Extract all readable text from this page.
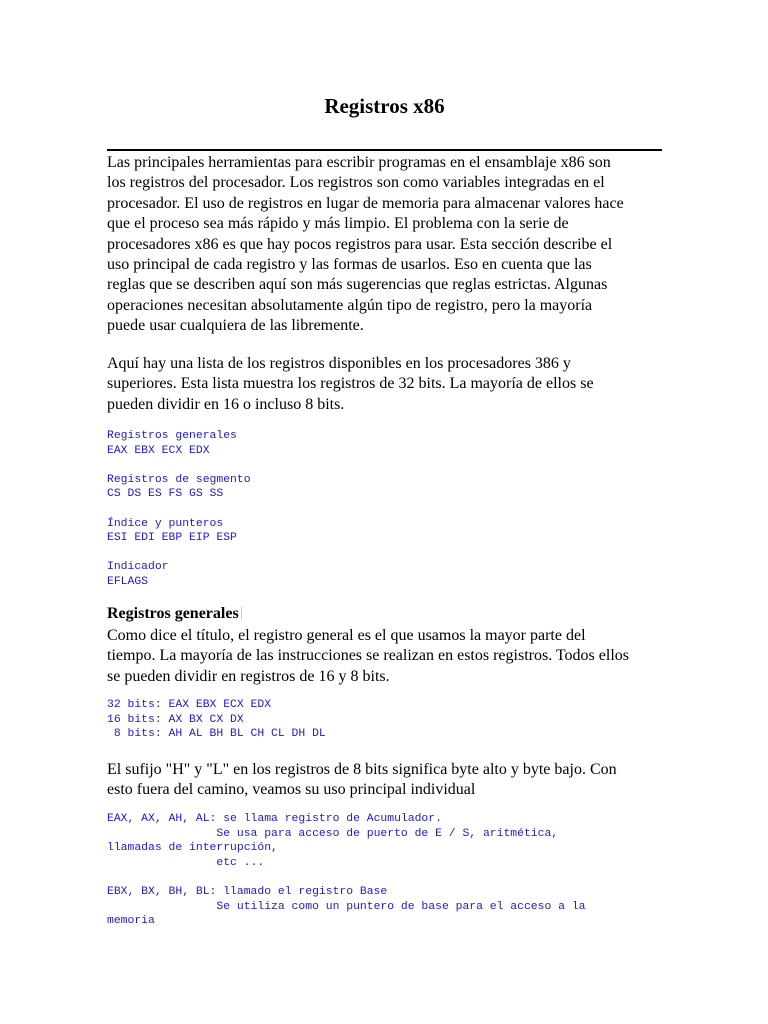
Registros x86

Las principales herramientas para escribir programas en el ensamblaje x86 son
los registros del procesador. Los registros son como variables integradas en el
procesador. El uso de registros en lugar de memoria para almacenar valores hace
que el proceso sea más rápido y más limpio. El problema con la serie de
procesadores x86 es que hay pocos registros para usar. Esta sección describe el
uso principal de cada registro y las formas de usarlos. Eso en cuenta que las
reglas que se describen aquí son más sugerencias que reglas estrictas. Algunas
operaciones necesitan absolutamente algún tipo de registro, pero la mayoría
puede usar cualquiera de las libremente.

Aquí hay una lista de los registros disponibles en los procesadores 386 y
superiores. Esta lista muestra los registros de 32 bits. La mayoría de ellos se
pueden dividir en 16 o incluso 8 bits.

Registros generales
EAX EBX ECX EDX

Registros de segmento
CS DS ES FS GS SS

Índice y punteros
ESI EDI EBP EIP ESP

Indicador
EFLAGS
Registros generales

Como dice el título, el registro general es el que usamos la mayor parte del
tiempo. La mayoría de las instrucciones se realizan en estos registros. Todos ellos
se pueden dividir en registros de 16 y 8 bits.

32 bits: EAX EBX ECX EDX
16 bits: AX BX CX DX
8 bits: AH AL BH BL CH CL DH DL

El sufijo "H" y "L" en los registros de 8 bits significa byte alto y byte bajo. Con
esto fuera del camino, veamos su uso principal individual

EAX, AX, AH, AL: se llama registro de Acumulador.
Se usa para acceso de puerto de E / S, aritmética,
llamadas de interrupción,
etc ...

EBX, BX, BH, BL: llamado el registro Base
Se utiliza como un puntero de base para el acceso a la
memoria
